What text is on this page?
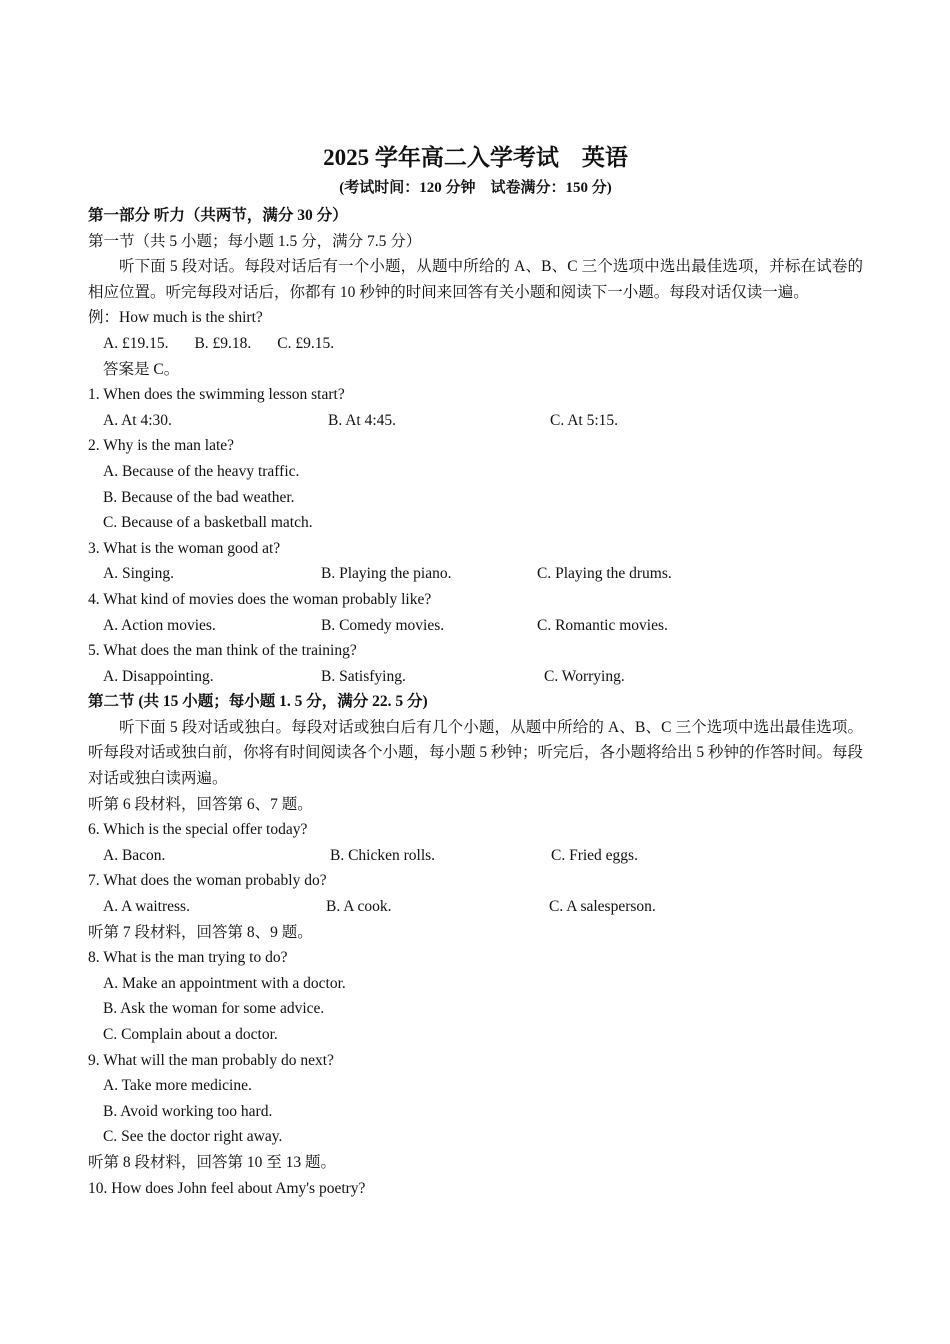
2025 学年高二入学考试    英语
(考试时间：120 分钟    试卷满分：150 分)
第一部分 听力（共两节，满分 30 分）
第一节（共 5 小题；每小题 1.5 分，满分 7.5 分）

听下面 5 段对话。每段对话后有一个小题，从题中所给的 A、B、C 三个选项中选出最佳选项，并标在试卷的相应位置。听完每段对话后，你都有 10 秒钟的时间来回答有关小题和阅读下一小题。每段对话仅读一遍。

例：How much is the shirt?
A. £19.15. B. £9.18. C. £9.15.
答案是 C。
1. When does the swimming lesson start?
A. At 4:30.	B. At 4:45.	C. At 5:15.
2. Why is the man late?
A. Because of the heavy traffic.
B. Because of the bad weather.
C. Because of a basketball match.
3. What is the woman good at?
A. Singing.	B. Playing the piano.	C. Playing the drums.
4. What kind of movies does the woman probably like?
A. Action movies.	B. Comedy movies.	C. Romantic movies.
5. What does the man think of the training?
A. Disappointing.	B. Satisfying.	C. Worrying.
第二节 (共 15 小题；每小题 1. 5 分，满分 22. 5 分)

听下面 5 段对话或独白。每段对话或独白后有几个小题，从题中所给的 A、B、C 三个选项中选出最佳选项。听每段对话或独白前，你将有时间阅读各个小题，每小题 5 秒钟；听完后，各小题将给出 5 秒钟的作答时间。每段对话或独白读两遍。

听第 6 段材料，回答第 6、7 题。
6. Which is the special offer today?
A. Bacon.	B. Chicken rolls.	C. Fried eggs.
7. What does the woman probably do?
A. A waitress.	B. A cook.	C. A salesperson.
听第 7 段材料，回答第 8、9 题。
8. What is the man trying to do?
A. Make an appointment with a doctor.
B. Ask the woman for some advice.
C. Complain about a doctor.
9. What will the man probably do next?
A. Take more medicine.
B. Avoid working too hard.
C. See the doctor right away.
听第 8 段材料，回答第 10 至 13 题。
10. How does John feel about Amy's poetry?
